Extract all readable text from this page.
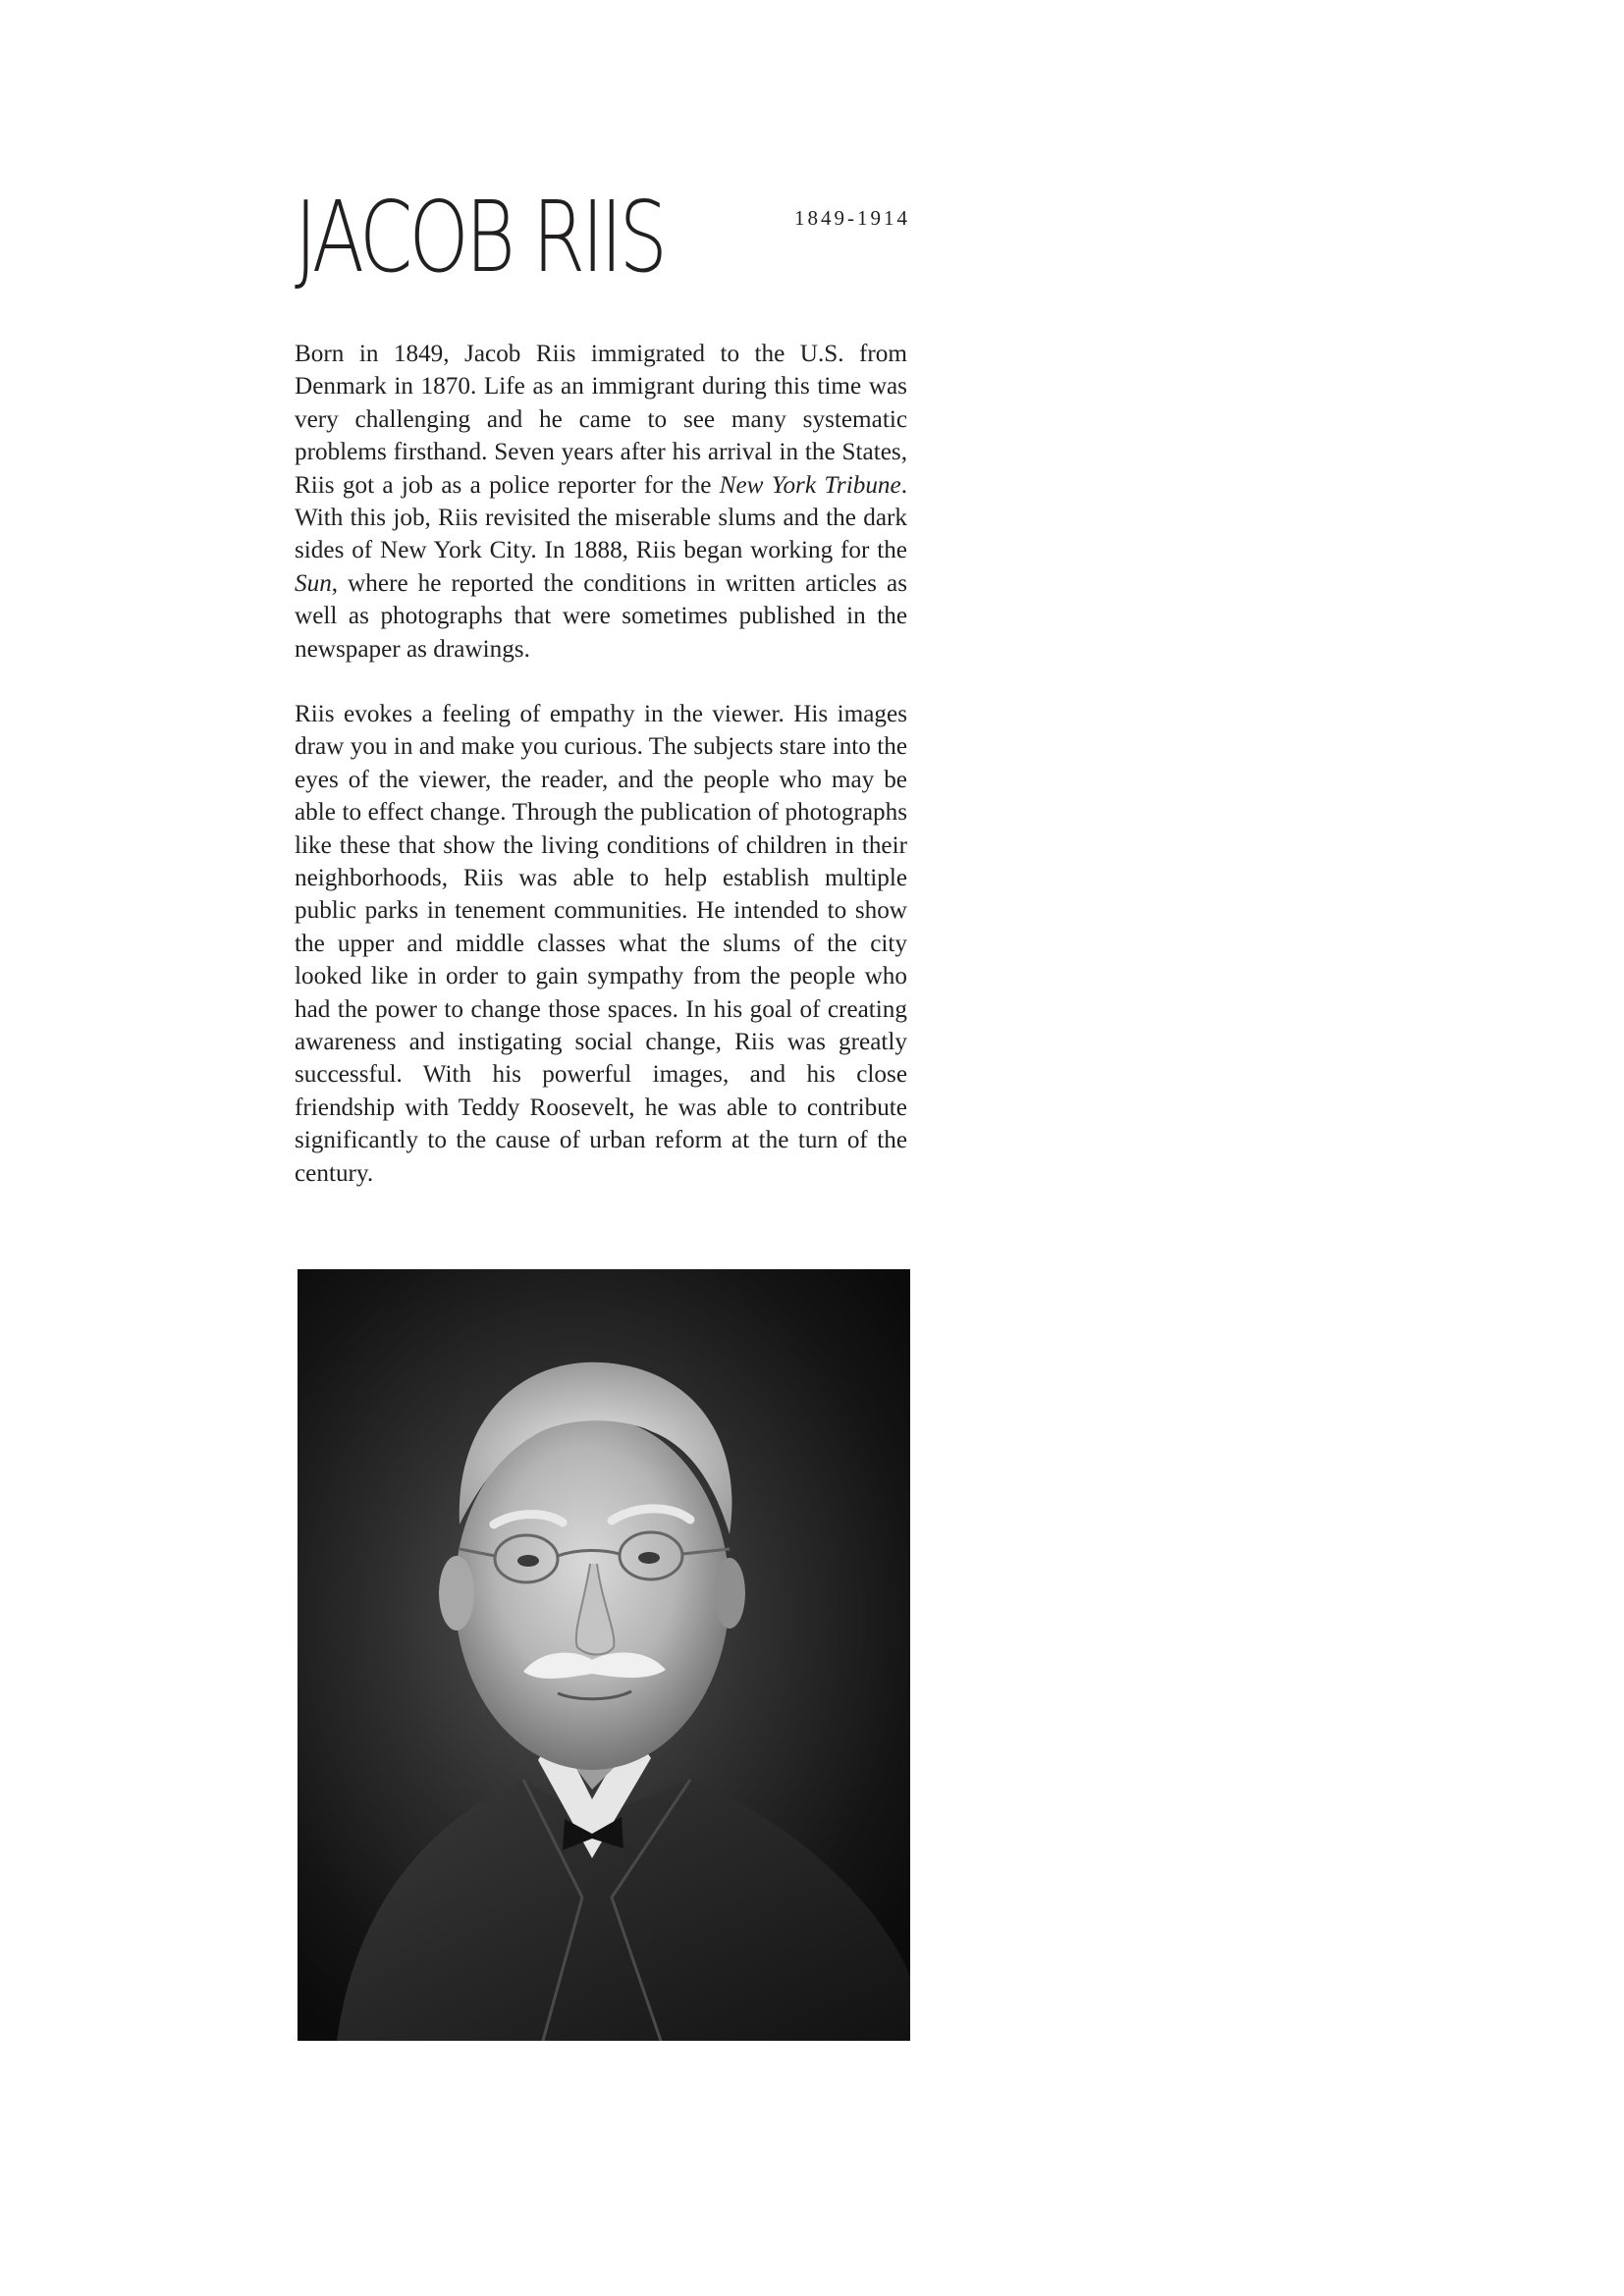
JACOB RIIS	1849-1914

Born in 1849, Jacob Riis immigrated to the U.S. from Denmark in 1870. Life as an immigrant during this time was very challenging and he came to see many systematic problems firsthand. Seven years after his arrival in the States, Riis got a job as a police reporter for the New York Tribune. With this job, Riis revisited the miserable slums and the dark sides of New York City. In 1888, Riis began working for the Sun, where he reported the conditions in written articles as well as photographs that were sometimes published in the newspaper as drawings.

Riis evokes a feeling of empathy in the viewer. His images draw you in and make you curious. The subjects stare into the eyes of the viewer, the reader, and the people who may be able to effect change. Through the publication of photographs like these that show the living conditions of children in their neighborhoods, Riis was able to help establish multiple public parks in tenement communities. He intended to show the upper and middle classes what the slums of the city looked like in order to gain sympathy from the people who had the power to change those spaces. In his goal of creating awareness and instigating social change, Riis was greatly successful. With his powerful images, and his close friendship with Teddy Roosevelt, he was able to contribute significantly to the cause of urban reform at the turn of the century.
